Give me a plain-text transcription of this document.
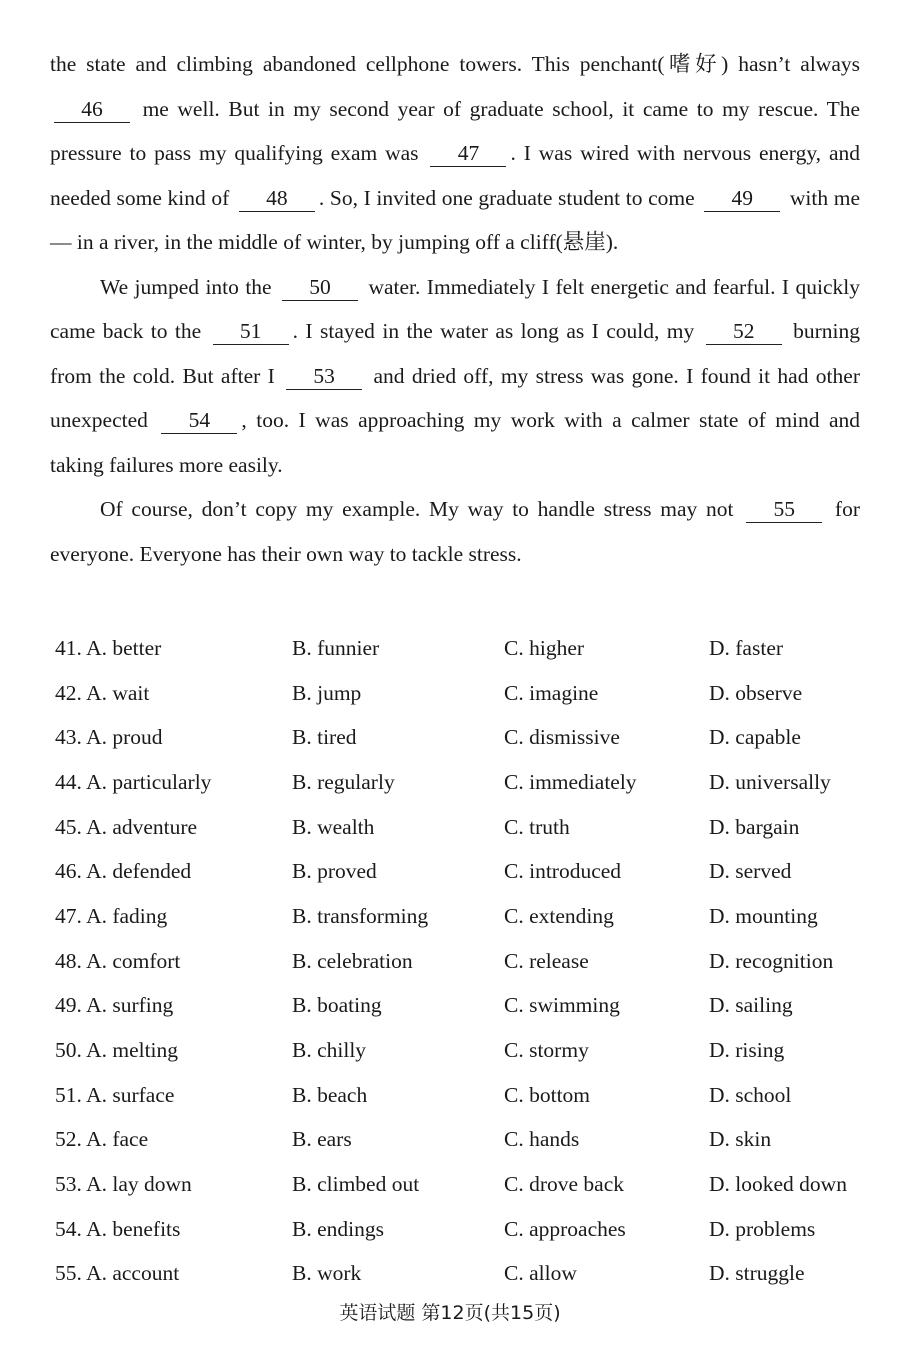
the state and climbing abandoned cellphone towers. This penchant(嗜好) hasn’t always 46 me well. But in my second year of graduate school, it came to my rescue. The pressure to pass my qualifying exam was 47 . I was wired with nervous energy, and needed some kind of 48 . So, I invited one graduate student to come 49 with me — in a river, in the middle of winter, by jumping off a cliff(悬崖).

We jumped into the 50 water. Immediately I felt energetic and fearful. I quickly came back to the 51 . I stayed in the water as long as I could, my 52 burning from the cold. But after I 53 and dried off, my stress was gone. I found it had other unexpected 54 , too. I was approaching my work with a calmer state of mind and taking failures more easily.

Of course, don’t copy my example. My way to handle stress may not 55 for everyone. Everyone has their own way to tackle stress.

41. A. better	B. funnier	C. higher	D. faster
42. A. wait	B. jump	C. imagine	D. observe
43. A. proud	B. tired	C. dismissive	D. capable
44. A. particularly	B. regularly	C. immediately	D. universally
45. A. adventure	B. wealth	C. truth	D. bargain
46. A. defended	B. proved	C. introduced	D. served
47. A. fading	B. transforming	C. extending	D. mounting
48. A. comfort	B. celebration	C. release	D. recognition
49. A. surfing	B. boating	C. swimming	D. sailing
50. A. melting	B. chilly	C. stormy	D. rising
51. A. surface	B. beach	C. bottom	D. school
52. A. face	B. ears	C. hands	D. skin
53. A. lay down	B. climbed out	C. drove back	D. looked down
54. A. benefits	B. endings	C. approaches	D. problems
55. A. account	B. work	C. allow	D. struggle
英语试题 第12页(共15页)
